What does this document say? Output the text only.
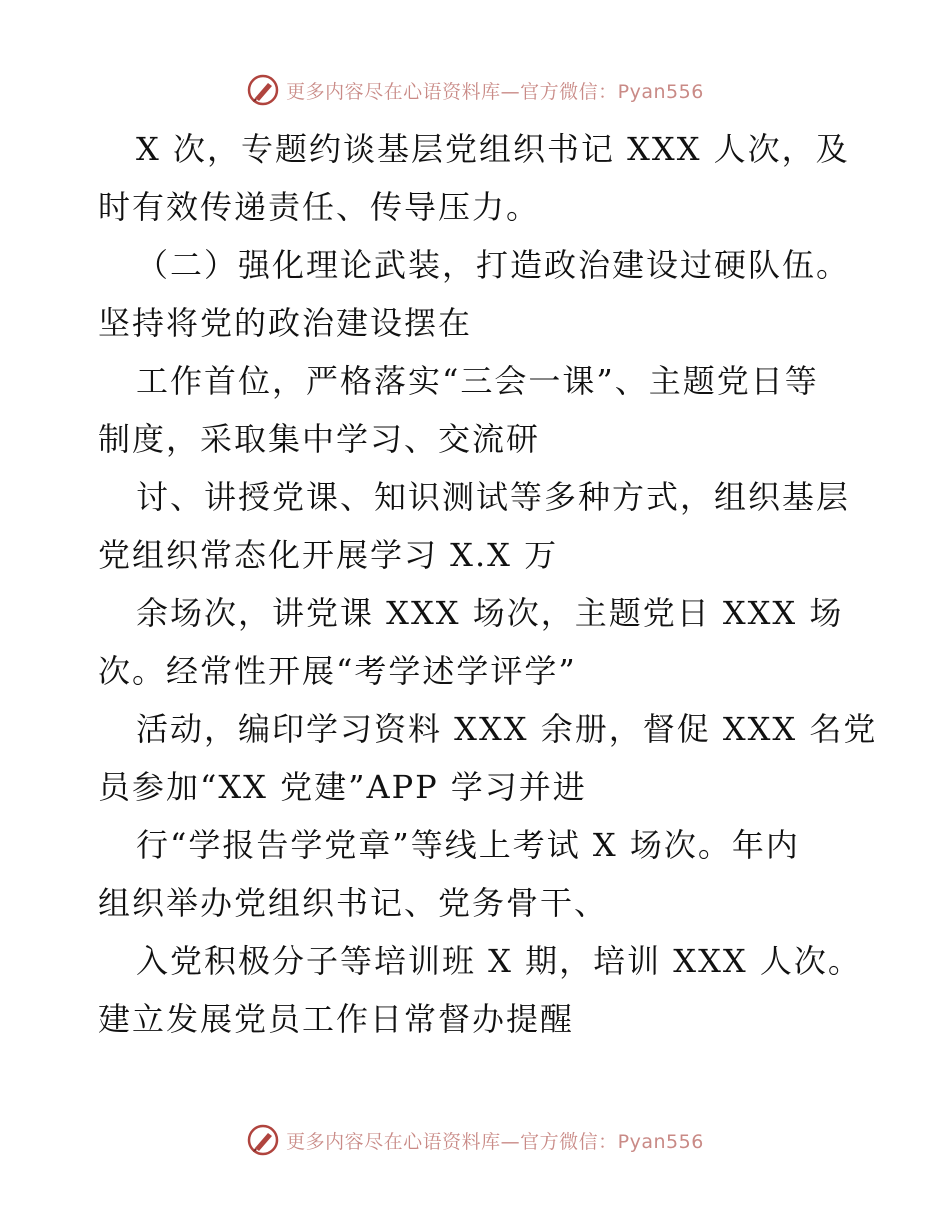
更多内容尽在心语资料库—官方微信：Pyan556
X 次，专题约谈基层党组织书记 XXX 人次，及
时有效传递责任、传导压力。
（二）强化理论武装，打造政治建设过硬队伍。
坚持将党的政治建设摆在
工作首位，严格落实“三会一课”、主题党日等
制度，采取集中学习、交流研
讨、讲授党课、知识测试等多种方式，组织基层
党组织常态化开展学习 X.X 万
余场次，讲党课 XXX 场次，主题党日 XXX 场
次。经常性开展“考学述学评学”
活动，编印学习资料 XXX 余册，督促 XXX 名党
员参加“XX 党建”APP 学习并进
行“学报告学党章”等线上考试 X 场次。年内
组织举办党组织书记、党务骨干、
入党积极分子等培训班 X 期，培训 XXX 人次。
建立发展党员工作日常督办提醒
更多内容尽在心语资料库—官方微信：Pyan556
